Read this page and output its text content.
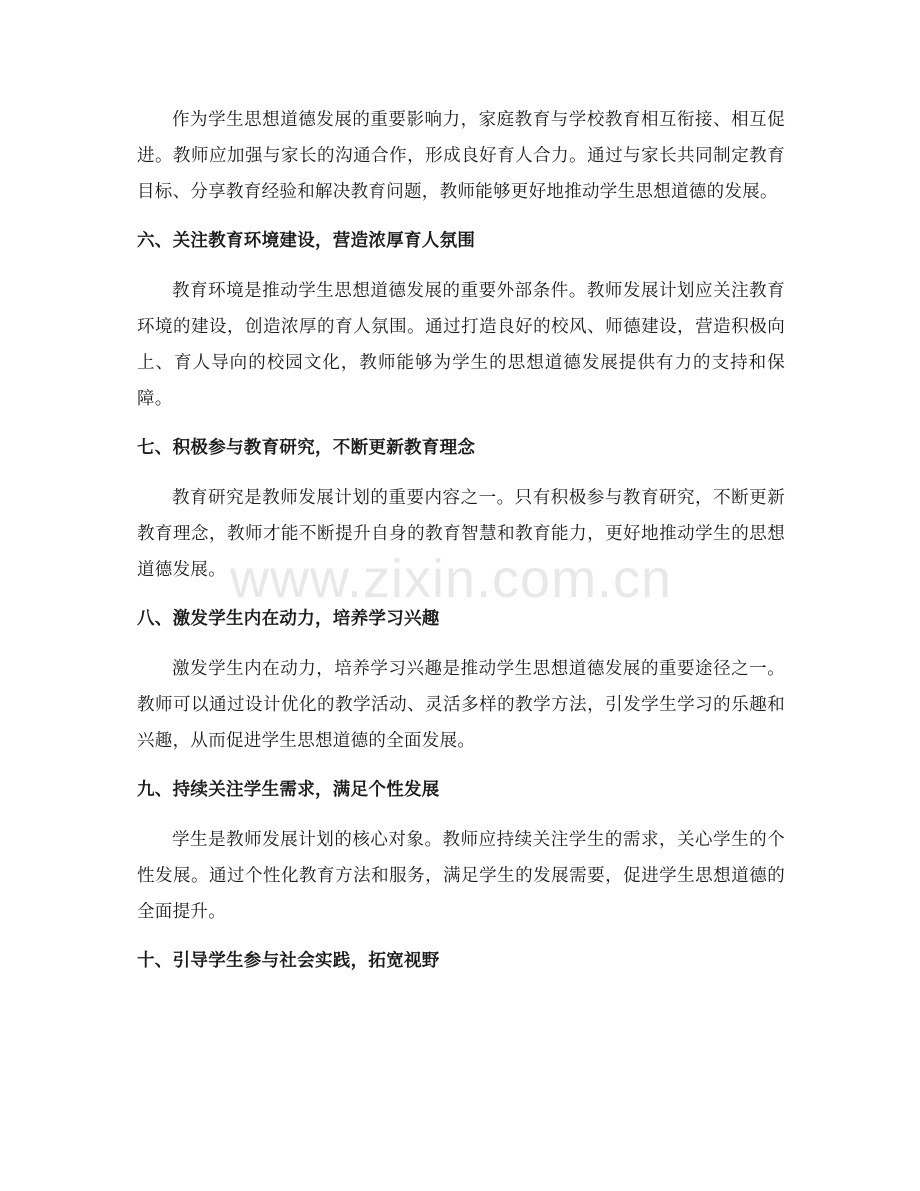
作为学生思想道德发展的重要影响力，家庭教育与学校教育相互衔接、相互促进。教师应加强与家长的沟通合作，形成良好育人合力。通过与家长共同制定教育目标、分享教育经验和解决教育问题，教师能够更好地推动学生思想道德的发展。

六、关注教育环境建设，营造浓厚育人氛围

教育环境是推动学生思想道德发展的重要外部条件。教师发展计划应关注教育环境的建设，创造浓厚的育人氛围。通过打造良好的校风、师德建设，营造积极向上、育人导向的校园文化，教师能够为学生的思想道德发展提供有力的支持和保障。

七、积极参与教育研究，不断更新教育理念

教育研究是教师发展计划的重要内容之一。只有积极参与教育研究，不断更新教育理念，教师才能不断提升自身的教育智慧和教育能力，更好地推动学生的思想道德发展。

八、激发学生内在动力，培养学习兴趣

激发学生内在动力，培养学习兴趣是推动学生思想道德发展的重要途径之一。教师可以通过设计优化的教学活动、灵活多样的教学方法，引发学生学习的乐趣和兴趣，从而促进学生思想道德的全面发展。

九、持续关注学生需求，满足个性发展

学生是教师发展计划的核心对象。教师应持续关注学生的需求，关心学生的个性发展。通过个性化教育方法和服务，满足学生的发展需要，促进学生思想道德的全面提升。

十、引导学生参与社会实践，拓宽视野
www.zixin.com.cn
